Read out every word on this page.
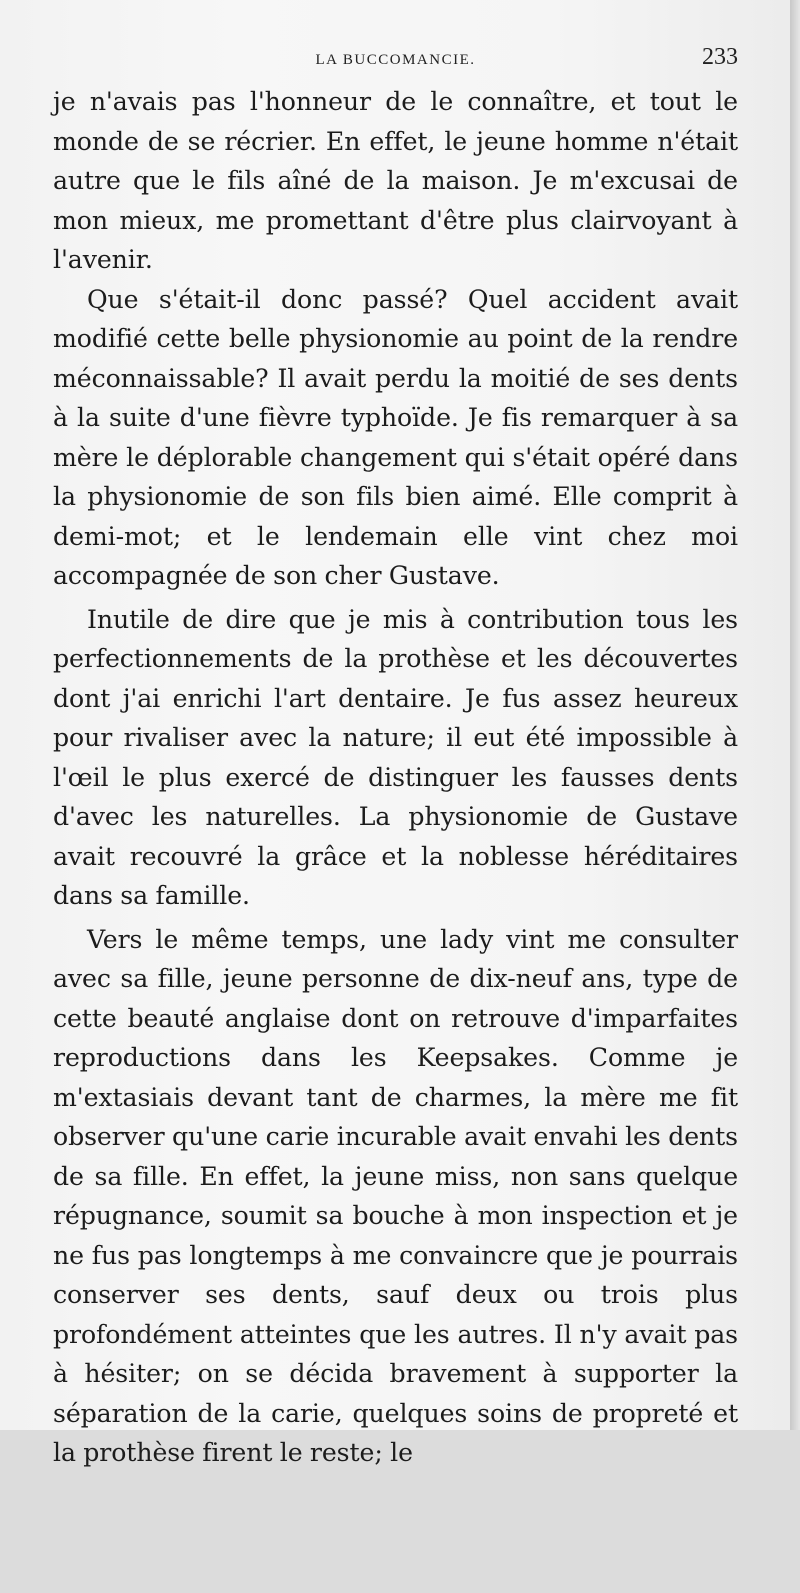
LA BUCCOMANCIE.	233

je n'avais pas l'honneur de le connaître, et tout le monde de se récrier. En effet, le jeune homme n'était autre que le fils aîné de la maison. Je m'excusai de mon mieux, me promettant d'être plus clairvoyant à l'avenir.

Que s'était-il donc passé? Quel accident avait modifié cette belle physionomie au point de la rendre méconnaissable? Il avait perdu la moitié de ses dents à la suite d'une fièvre typhoïde. Je fis remarquer à sa mère le déplorable changement qui s'était opéré dans la physionomie de son fils bien aimé. Elle comprit à demi-mot; et le lendemain elle vint chez moi accompagnée de son cher Gustave.

Inutile de dire que je mis à contribution tous les perfectionnements de la prothèse et les découvertes dont j'ai enrichi l'art dentaire. Je fus assez heureux pour rivaliser avec la nature; il eut été impossible à l'œil le plus exercé de distinguer les fausses dents d'avec les naturelles. La physionomie de Gustave avait recouvré la grâce et la noblesse héréditaires dans sa famille.

Vers le même temps, une lady vint me consulter avec sa fille, jeune personne de dix-neuf ans, type de cette beauté anglaise dont on retrouve d'imparfaites reproductions dans les Keepsakes. Comme je m'extasiais devant tant de charmes, la mère me fit observer qu'une carie incurable avait envahi les dents de sa fille. En effet, la jeune miss, non sans quelque répugnance, soumit sa bouche à mon inspection et je ne fus pas longtemps à me convaincre que je pourrais conserver ses dents, sauf deux ou trois plus profondément atteintes que les autres. Il n'y avait pas à hésiter; on se décida bravement à supporter la séparation de la carie, quelques soins de propreté et la prothèse firent le reste; le
